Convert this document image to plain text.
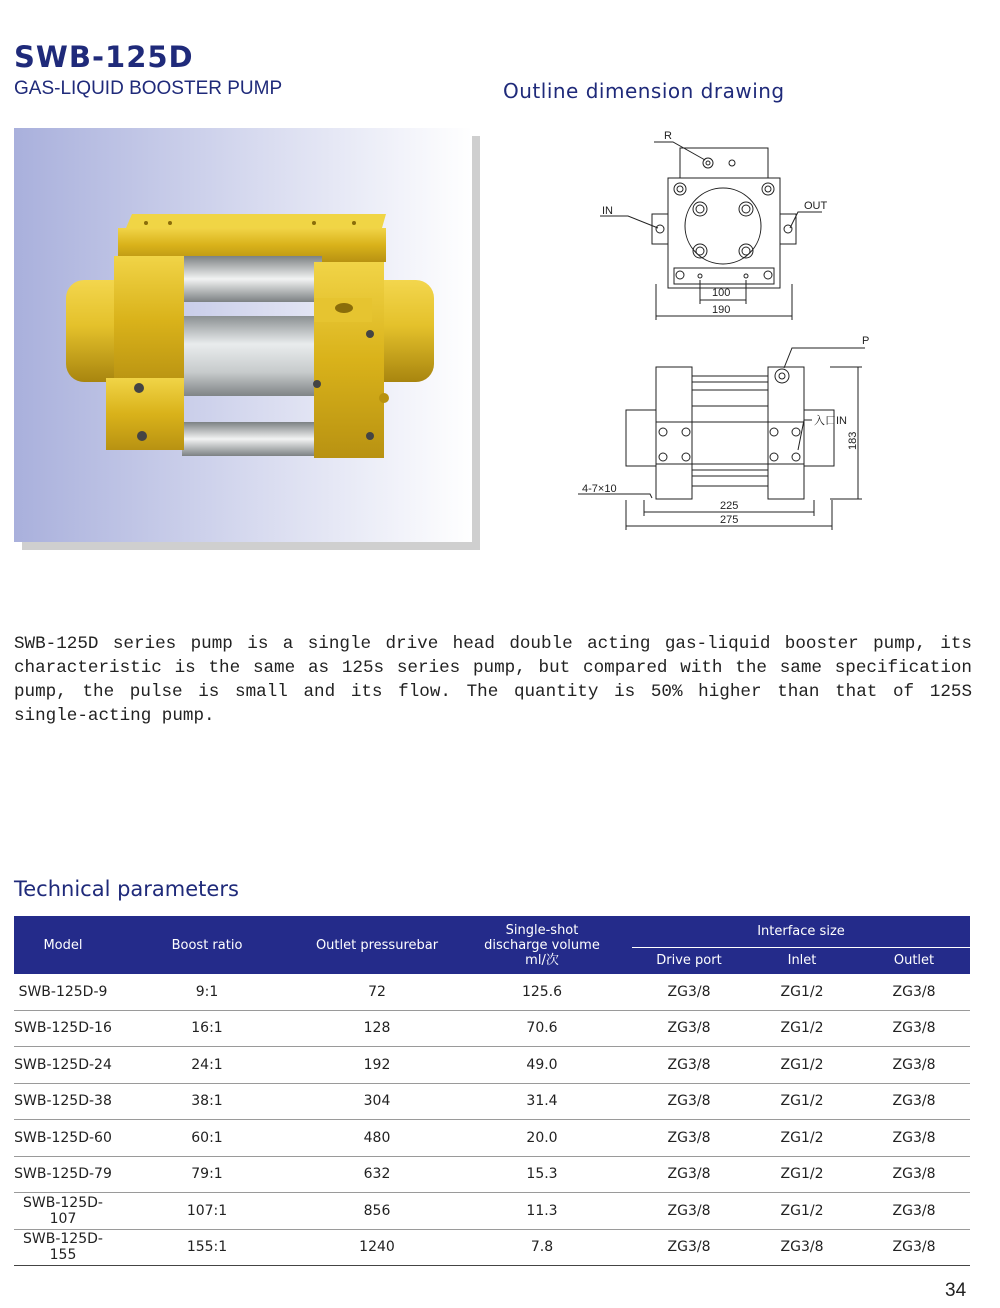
SWB-125D
GAS-LIQUID BOOSTER PUMP	Outline dimension drawing
R
IN	OUT
100
190
P
入口IN
183
4-7×10
225
275
SWB-125D series pump is a single drive head double acting gas-liquid booster pump, its characteristic is the same as 125s series pump, but compared with the same specification pump, the pulse is small and its flow. The quantity is 50% higher than that of 125S single-acting pump.
Technical parameters
Model	Boost ratio	Outlet pressurebar	Single-shot
discharge volume
ml/次	Interface size		
				Drive port	Inlet	Outlet
SWB-125D-9	9:1	72	125.6	ZG3/8	ZG1/2	ZG3/8
SWB-125D-16	16:1	128	70.6	ZG3/8	ZG1/2	ZG3/8
SWB-125D-24	24:1	192	49.0	ZG3/8	ZG1/2	ZG3/8
SWB-125D-38	38:1	304	31.4	ZG3/8	ZG1/2	ZG3/8
SWB-125D-60	60:1	480	20.0	ZG3/8	ZG1/2	ZG3/8
SWB-125D-79	79:1	632	15.3	ZG3/8	ZG1/2	ZG3/8
SWB-125D-107	107:1	856	11.3	ZG3/8	ZG1/2	ZG3/8
SWB-125D-155	155:1	1240	7.8	ZG3/8	ZG3/8	ZG3/8
34
